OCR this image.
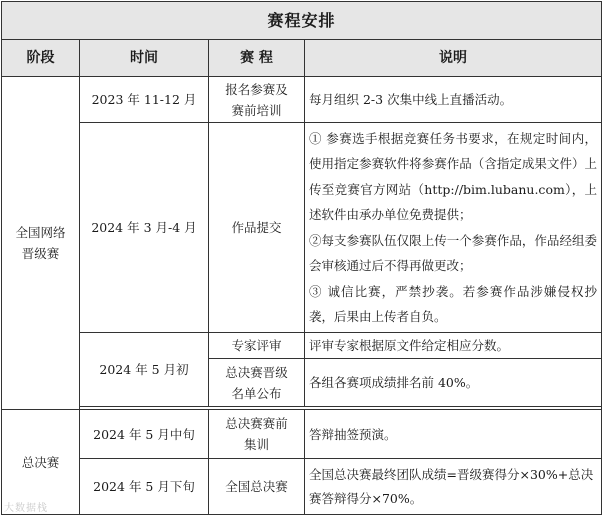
赛程安排			
阶段	时间	赛 程	说明
全国网络晋级赛	2023 年 11-12 月	报名参赛及赛前培训	每月组织 2-3 次集中线上直播活动。
	2024 年 3 月-4 月	作品提交	① 参赛选手根据竞赛任务书要求，在规定时间内，使用指定参赛软件将参赛作品（含指定成果文件）上传至竞赛官方网站（http://bim.lubanu.com），上述软件由承办单位免费提供；
②每支参赛队伍仅限上传一个参赛作品，作品经组委会审核通过后不得再做更改；
③ 诚信比赛，严禁抄袭。若参赛作品涉嫌侵权抄袭，后果由上传者自负。

	2024 年 5 月初	专家评审	评审专家根据原文件给定相应分数。
		总决赛晋级名单公布	各组各赛项成绩排名前 40%。

总决赛	2024 年 5 月中旬	总决赛赛前集训	答辩抽签预演。
	2024 年 5 月下旬	全国总决赛	全国总决赛最终团队成绩=晋级赛得分×30%+总决赛答辩得分×70%。
大数据栈
